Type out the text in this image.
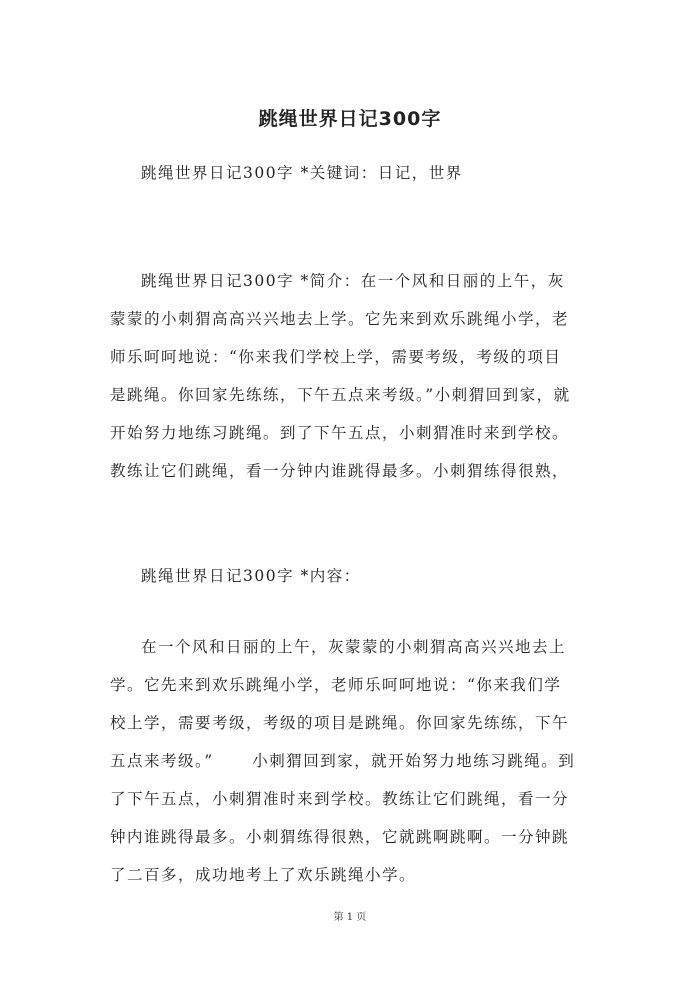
跳绳世界日记300字
跳绳世界日记300字 *关键词：日记，世界
跳绳世界日记300字 *简介：在一个风和日丽的上午，灰
蒙蒙的小刺猬高高兴兴地去上学。它先来到欢乐跳绳小学，老
师乐呵呵地说：“你来我们学校上学，需要考级，考级的项目
是跳绳。你回家先练练，下午五点来考级。”小刺猬回到家，就
开始努力地练习跳绳。到了下午五点，小刺猬准时来到学校。
教练让它们跳绳，看一分钟内谁跳得最多。小刺猬练得很熟，
跳绳世界日记300字 *内容：
在一个风和日丽的上午，灰蒙蒙的小刺猬高高兴兴地去上
学。它先来到欢乐跳绳小学，老师乐呵呵地说：“你来我们学
校上学，需要考级，考级的项目是跳绳。你回家先练练，下午
五点来考级。”      小刺猬回到家，就开始努力地练习跳绳。到
了下午五点，小刺猬准时来到学校。教练让它们跳绳，看一分
钟内谁跳得最多。小刺猬练得很熟，它就跳啊跳啊。一分钟跳
了二百多，成功地考上了欢乐跳绳小学。
第 1 页
